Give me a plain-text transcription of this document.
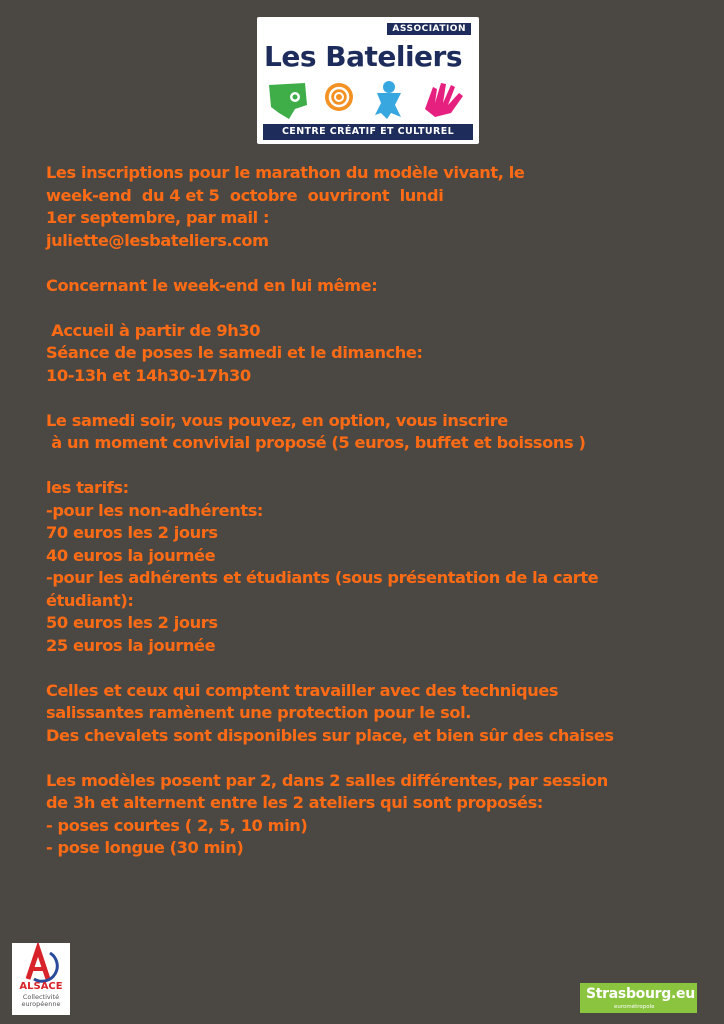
ASSOCIATION
Les Bateliers
CENTRE CRÉATIF ET CULTUREL
Les inscriptions pour le marathon du modèle vivant, le
week-end  du 4 et 5  octobre  ouvriront  lundi
1er septembre, par mail :
juliette@lesbateliers.com
Concernant le week-end en lui même:
Accueil à partir de 9h30
Séance de poses le samedi et le dimanche:
10-13h et 14h30-17h30
Le samedi soir, vous pouvez, en option, vous inscrire
à un moment convivial proposé (5 euros, buffet et boissons )
les tarifs:
-pour les non-adhérents:
70 euros les 2 jours
40 euros la journée
-pour les adhérents et étudiants (sous présentation de la carte
étudiant):
50 euros les 2 jours
25 euros la journée
Celles et ceux qui comptent travailler avec des techniques
salissantes ramènent une protection pour le sol.
Des chevalets sont disponibles sur place, et bien sûr des chaises
Les modèles posent par 2, dans 2 salles différentes, par session
de 3h et alternent entre les 2 ateliers qui sont proposés:
- poses courtes ( 2, 5, 10 min)
- pose longue (30 min)
ALSACE
Collectivité européenne
Strasbourg.eu
eurométropole
